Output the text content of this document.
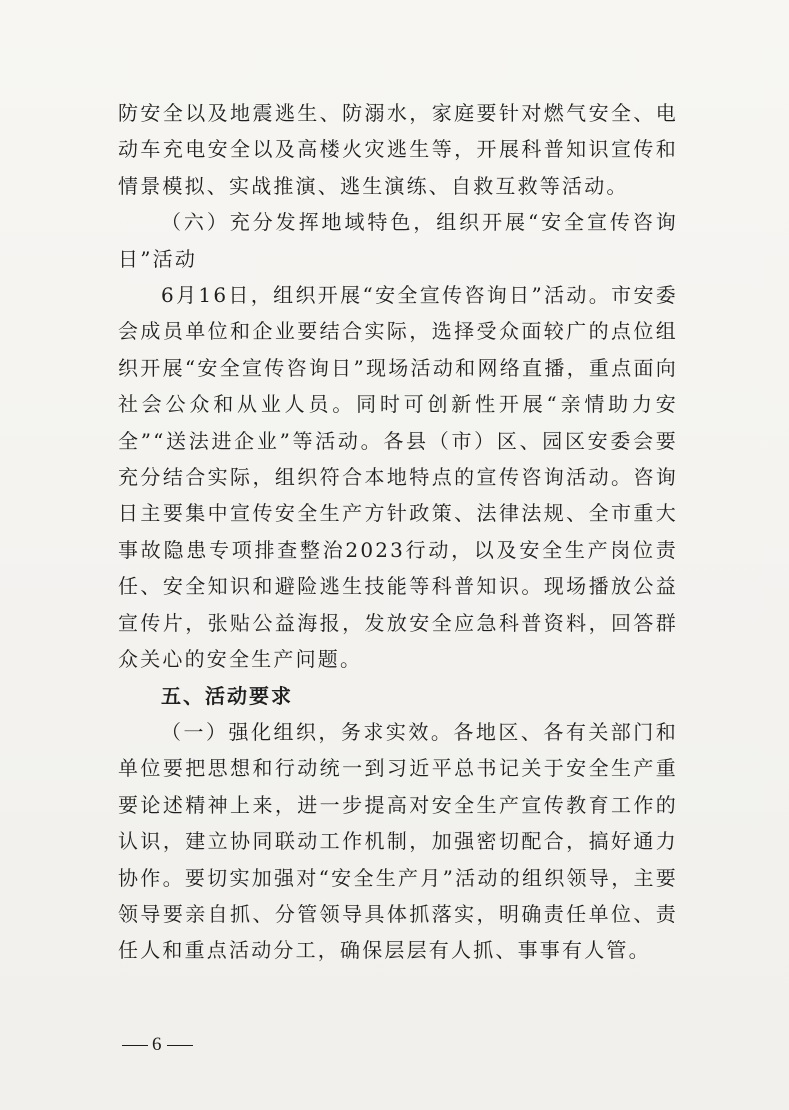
防安全以及地震逃生、防溺水，家庭要针对燃气安全、电动车充电安全以及高楼火灾逃生等，开展科普知识宣传和情景模拟、实战推演、逃生演练、自救互救等活动。

（六）充分发挥地域特色，组织开展“安全宣传咨询日”活动

6月16日，组织开展“安全宣传咨询日”活动。市安委会成员单位和企业要结合实际，选择受众面较广的点位组织开展“安全宣传咨询日”现场活动和网络直播，重点面向社会公众和从业人员。同时可创新性开展“亲情助力安全”“送法进企业”等活动。各县（市）区、园区安委会要充分结合实际，组织符合本地特点的宣传咨询活动。咨询日主要集中宣传安全生产方针政策、法律法规、全市重大事故隐患专项排查整治2023行动，以及安全生产岗位责任、安全知识和避险逃生技能等科普知识。现场播放公益宣传片，张贴公益海报，发放安全应急科普资料，回答群众关心的安全生产问题。

五、活动要求

（一）强化组织，务求实效。各地区、各有关部门和单位要把思想和行动统一到习近平总书记关于安全生产重要论述精神上来，进一步提高对安全生产宣传教育工作的认识，建立协同联动工作机制，加强密切配合，搞好通力协作。要切实加强对“安全生产月”活动的组织领导，主要领导要亲自抓、分管领导具体抓落实，明确责任单位、责任人和重点活动分工，确保层层有人抓、事事有人管。

6
